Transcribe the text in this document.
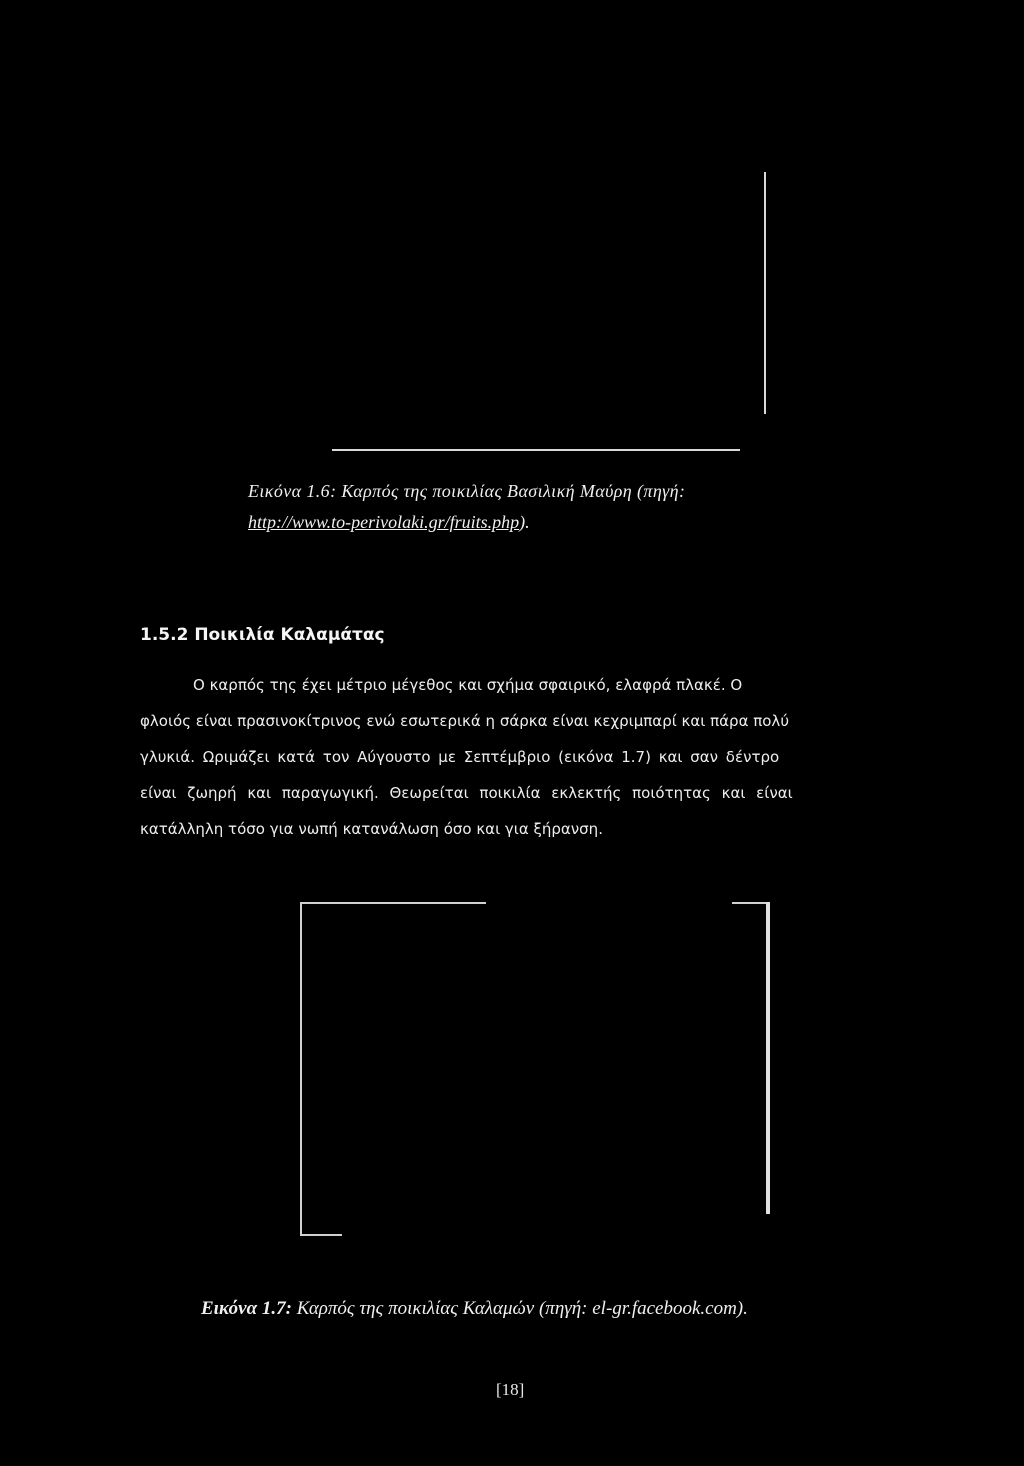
Εικόνα 1.6: Καρπός της ποικιλίας Βασιλική Μαύρη (πηγή:
http://www.to-perivolaki.gr/fruits.php).
1.5.2 Ποικιλία Καλαμάτας
Ο καρπός της έχει μέτριο μέγεθος και σχήμα σφαιρικό, ελαφρά πλακέ. Ο
φλοιός είναι πρασινοκίτρινος ενώ εσωτερικά η σάρκα είναι κεχριμπαρί και πάρα πολύ
γλυκιά. Ωριμάζει κατά τον Αύγουστο με Σεπτέμβριο (εικόνα 1.7) και σαν δέντρο
είναι ζωηρή και παραγωγική. Θεωρείται ποικιλία εκλεκτής ποιότητας και είναι
κατάλληλη τόσο για νωπή κατανάλωση όσο και για ξήρανση.
Εικόνα 1.7: Καρπός της ποικιλίας Καλαμών (πηγή: el-gr.facebook.com).
[18]
